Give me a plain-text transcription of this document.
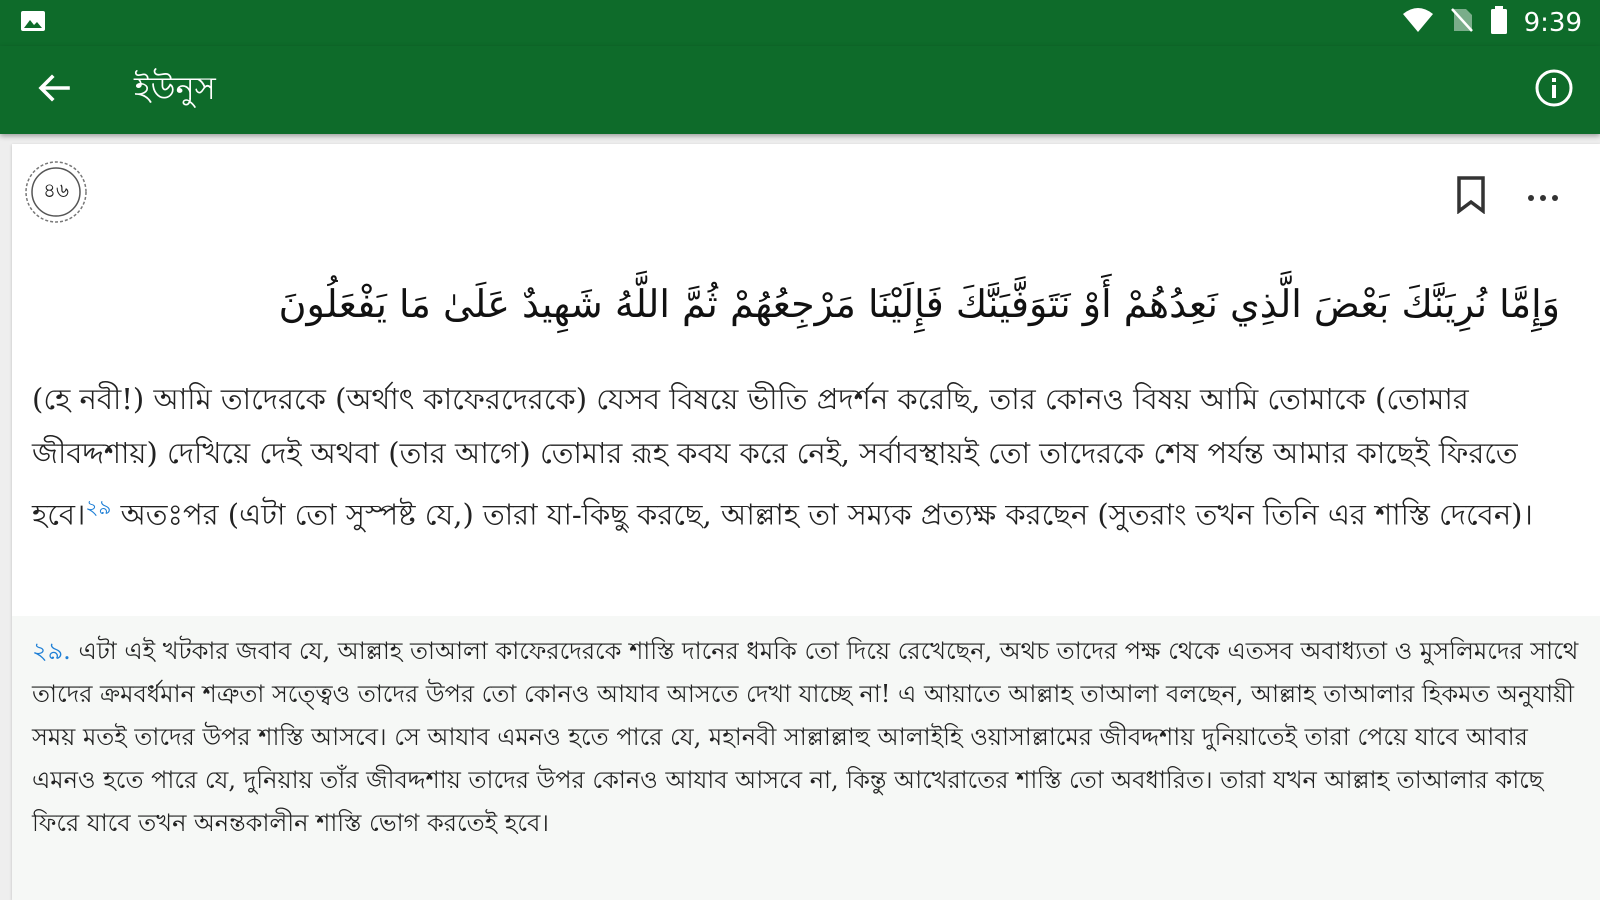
9:39
ইউনুস
৪৬
وَإِمَّا نُرِيَنَّكَ بَعْضَ الَّذِي نَعِدُهُمْ أَوْ نَتَوَفَّيَنَّكَ فَإِلَيْنَا مَرْجِعُهُمْ ثُمَّ اللَّهُ شَهِيدٌ عَلَىٰ مَا يَفْعَلُونَ
(হে নবী!) আমি তাদেরকে (অর্থাৎ কাফেরদেরকে) যেসব বিষয়ে ভীতি প্রদর্শন করেছি, তার কোনও বিষয় আমি তোমাকে (তোমার জীবদ্দশায়) দেখিয়ে দেই অথবা (তার আগে) তোমার রূহ কবয করে নেই, সর্বাবস্থায়ই তো তাদেরকে শেষ পর্যন্ত আমার কাছেই ফিরতে হবে।$^{২৯}$ অতঃপর (এটা তো সুস্পষ্ট যে,) তারা যা-কিছু করছে, আল্লাহ তা সম্যক প্রত্যক্ষ করছেন (সুতরাং তখন তিনি এর শাস্তি দেবেন)।
২৯. এটা এই খটকার জবাব যে, আল্লাহ তাআলা কাফেরদেরকে শাস্তি দানের ধমকি তো দিয়ে রেখেছেন, অথচ তাদের পক্ষ থেকে এতসব অবাধ্যতা ও মুসলিমদের সাথে তাদের ক্রমবর্ধমান শত্রুতা সত্ত্বেও তাদের উপর তো কোনও আযাব আসতে দেখা যাচ্ছে না! এ আয়াতে আল্লাহ তাআলা বলছেন, আল্লাহ তাআলার হিকমত অনুযায়ী সময় মতই তাদের উপর শাস্তি আসবে। সে আযাব এমনও হতে পারে যে, মহানবী সাল্লাল্লাহু আলাইহি ওয়াসাল্লামের জীবদ্দশায় দুনিয়াতেই তারা পেয়ে যাবে আবার এমনও হতে পারে যে, দুনিয়ায় তাঁর জীবদ্দশায় তাদের উপর কোনও আযাব আসবে না, কিন্তু আখেরাতের শাস্তি তো অবধারিত। তারা যখন আল্লাহ তাআলার কাছে ফিরে যাবে তখন অনন্তকালীন শাস্তি ভোগ করতেই হবে।
